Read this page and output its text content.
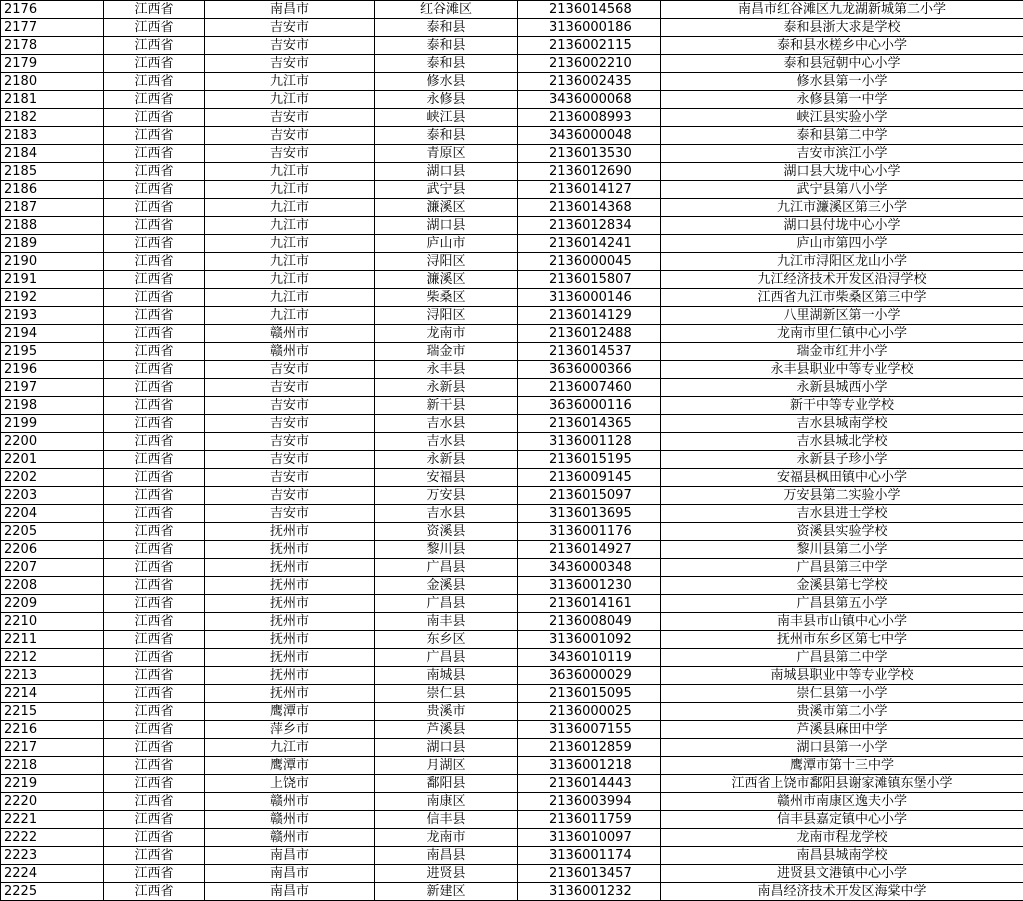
2176	江西省	南昌市	红谷滩区	2136014568	南昌市红谷滩区九龙湖新城第二小学
2177	江西省	吉安市	泰和县	3136000186	泰和县浙大求是学校
2178	江西省	吉安市	泰和县	2136002115	泰和县水槎乡中心小学
2179	江西省	吉安市	泰和县	2136002210	泰和县冠朝中心小学
2180	江西省	九江市	修水县	2136002435	修水县第一小学
2181	江西省	九江市	永修县	3436000068	永修县第一中学
2182	江西省	吉安市	峡江县	2136008993	峡江县实验小学
2183	江西省	吉安市	泰和县	3436000048	泰和县第二中学
2184	江西省	吉安市	青原区	2136013530	吉安市滨江小学
2185	江西省	九江市	湖口县	2136012690	湖口县大垅中心小学
2186	江西省	九江市	武宁县	2136014127	武宁县第八小学
2187	江西省	九江市	濂溪区	2136014368	九江市濂溪区第三小学
2188	江西省	九江市	湖口县	2136012834	湖口县付垅中心小学
2189	江西省	九江市	庐山市	2136014241	庐山市第四小学
2190	江西省	九江市	浔阳区	2136000045	九江市浔阳区龙山小学
2191	江西省	九江市	濂溪区	2136015807	九江经济技术开发区沿浔学校
2192	江西省	九江市	柴桑区	3136000146	江西省九江市柴桑区第三中学
2193	江西省	九江市	浔阳区	2136014129	八里湖新区第一小学
2194	江西省	赣州市	龙南市	2136012488	龙南市里仁镇中心小学
2195	江西省	赣州市	瑞金市	2136014537	瑞金市红井小学
2196	江西省	吉安市	永丰县	3636000366	永丰县职业中等专业学校
2197	江西省	吉安市	永新县	2136007460	永新县城西小学
2198	江西省	吉安市	新干县	3636000116	新干中等专业学校
2199	江西省	吉安市	吉水县	2136014365	吉水县城南学校
2200	江西省	吉安市	吉水县	3136001128	吉水县城北学校
2201	江西省	吉安市	永新县	2136015195	永新县子珍小学
2202	江西省	吉安市	安福县	2136009145	安福县枫田镇中心小学
2203	江西省	吉安市	万安县	2136015097	万安县第二实验小学
2204	江西省	吉安市	吉水县	3136013695	吉水县进士学校
2205	江西省	抚州市	资溪县	3136001176	资溪县实验学校
2206	江西省	抚州市	黎川县	2136014927	黎川县第二小学
2207	江西省	抚州市	广昌县	3436000348	广昌县第三中学
2208	江西省	抚州市	金溪县	3136001230	金溪县第七学校
2209	江西省	抚州市	广昌县	2136014161	广昌县第五小学
2210	江西省	抚州市	南丰县	2136008049	南丰县市山镇中心小学
2211	江西省	抚州市	东乡区	3136001092	抚州市东乡区第七中学
2212	江西省	抚州市	广昌县	3436010119	广昌县第二中学
2213	江西省	抚州市	南城县	3636000029	南城县职业中等专业学校
2214	江西省	抚州市	崇仁县	2136015095	崇仁县第一小学
2215	江西省	鹰潭市	贵溪市	2136000025	贵溪市第二小学
2216	江西省	萍乡市	芦溪县	3136007155	芦溪县麻田中学
2217	江西省	九江市	湖口县	2136012859	湖口县第一小学
2218	江西省	鹰潭市	月湖区	3136001218	鹰潭市第十三中学
2219	江西省	上饶市	鄱阳县	2136014443	江西省上饶市鄱阳县谢家滩镇东堡小学
2220	江西省	赣州市	南康区	2136003994	赣州市南康区逸夫小学
2221	江西省	赣州市	信丰县	2136011759	信丰县嘉定镇中心小学
2222	江西省	赣州市	龙南市	3136010097	龙南市程龙学校
2223	江西省	南昌市	南昌县	3136001174	南昌县城南学校
2224	江西省	南昌市	进贤县	2136013457	进贤县文港镇中心小学
2225	江西省	南昌市	新建区	3136001232	南昌经济技术开发区海棠中学
